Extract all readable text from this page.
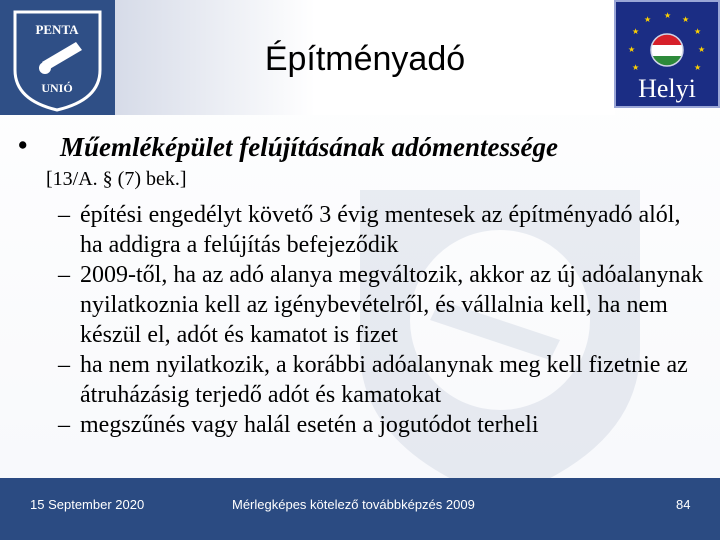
PENTA
UNIÓ
Építményadó
★ ★
★
★
★
★
★
★
★
Helyi
• Műemléképület felújításának adómentessége
[13/A. § (7) bek.]
– építési engedélyt követő 3 évig mentesek az építményadó alól, ha addigra a felújítás befejeződik
– 2009-től, ha az adó alanya megváltozik, akkor az új adóalanynak nyilatkoznia kell az igénybevételről, és vállalnia kell, ha nem készül el, adót és kamatot is fizet
– ha nem nyilatkozik, a korábbi adóalanynak meg kell fizetnie az átruházásig terjedő adót és kamatokat
– megszűnés vagy halál esetén a jogutódot terheli
15 September 2020	Mérlegképes kötelező továbbképzés 2009	84
